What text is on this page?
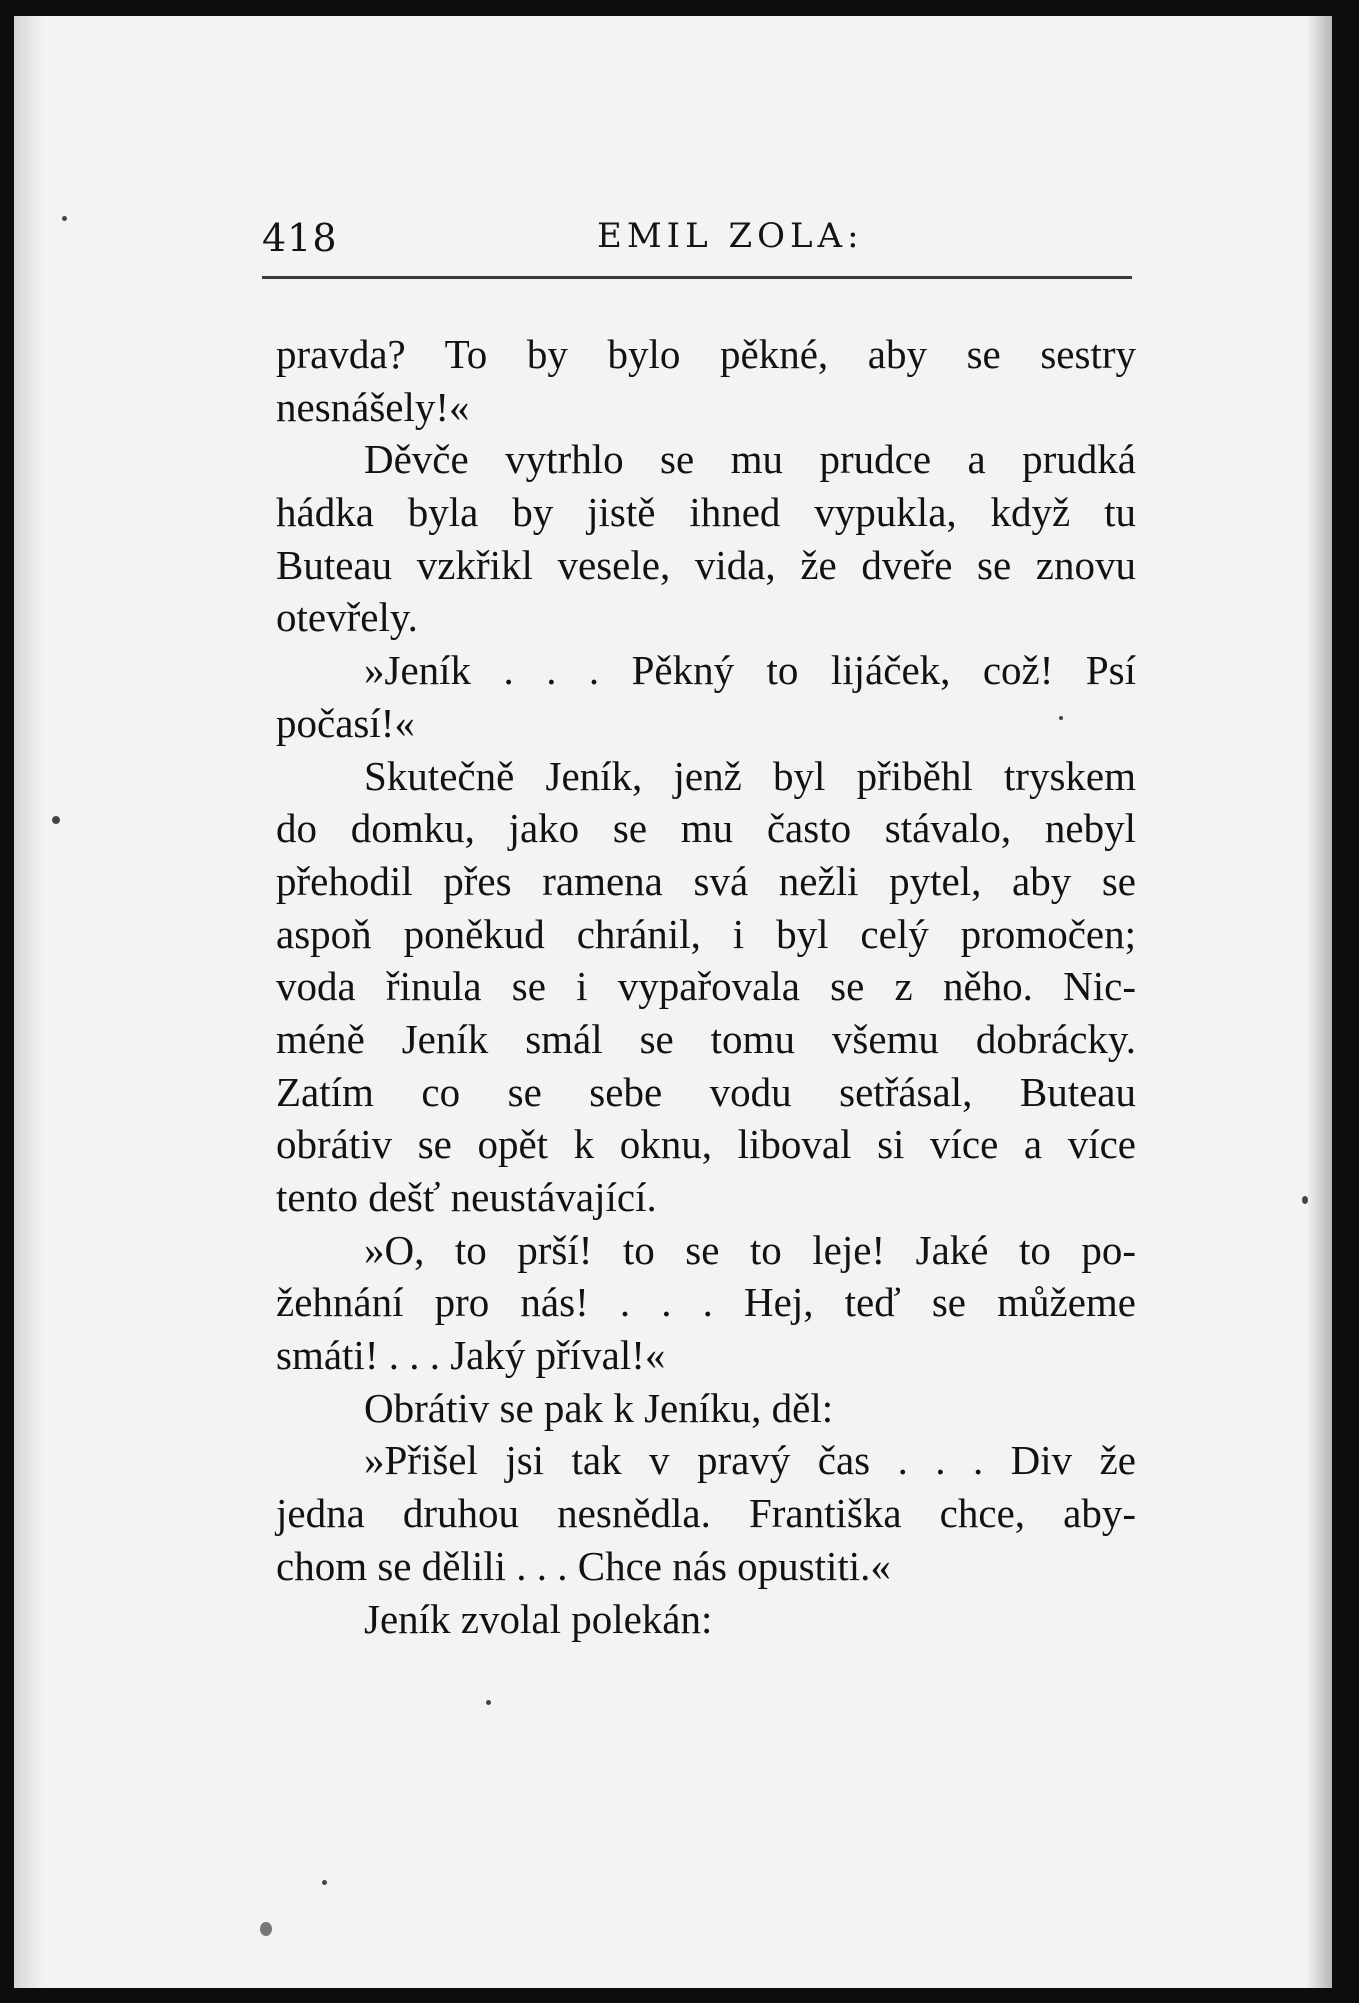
418	EMIL ZOLA:
pravda? To by bylo pěkné, aby se sestry
nesnášely!«
Děvče vytrhlo se mu prudce a prudká
hádka byla by jistě ihned vypukla, když tu
Buteau vzkřikl vesele, vida, že dveře se znovu
otevřely.
»Jeník . . . Pěkný to lijáček, což! Psí
počasí!«
Skutečně Jeník, jenž byl přiběhl tryskem
do domku, jako se mu často stávalo, nebyl
přehodil přes ramena svá nežli pytel, aby se
aspoň poněkud chránil, i byl celý promočen;
voda řinula se i vypařovala se z něho. Nic-
méně Jeník smál se tomu všemu dobrácky.
Zatím co se sebe vodu setřásal, Buteau
obrátiv se opět k oknu, liboval si více a více
tento dešť neustávající.
»O, to prší! to se to leje! Jaké to po-
žehnání pro nás! . . . Hej, teď se můžeme
smáti! . . . Jaký příval!«
Obrátiv se pak k Jeníku, děl:
»Přišel jsi tak v pravý čas . . . Div že
jedna druhou nesnědla. Františka chce, aby-
chom se dělili . . . Chce nás opustiti.«
Jeník zvolal polekán:
